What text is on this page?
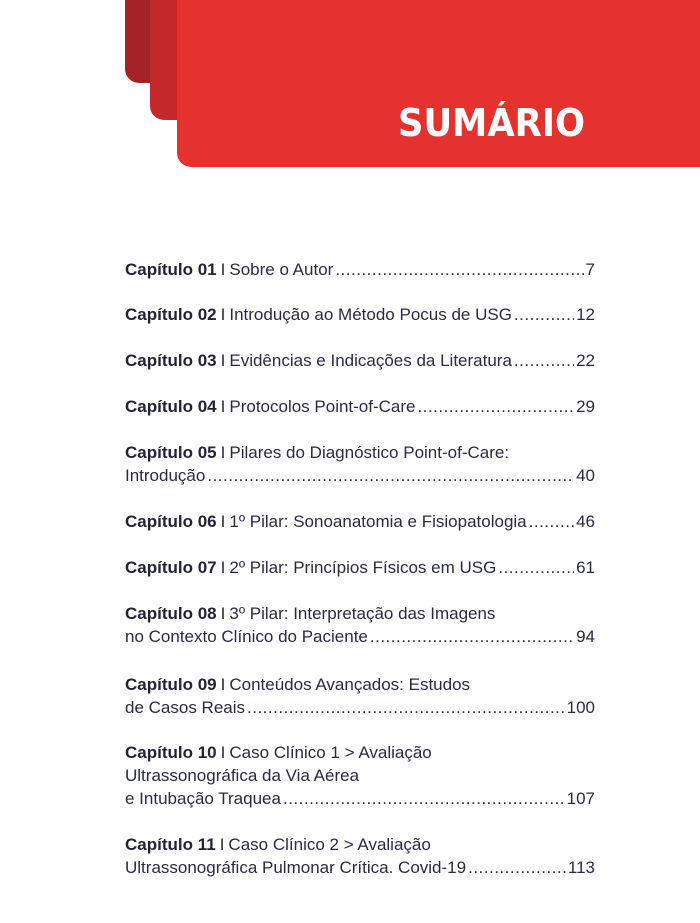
SUMÁRIO
Capítulo 01 I Sobre o Autor .....	7
Capítulo 02 I Introdução ao Método Pocus de USG .....	12
Capítulo 03 I Evidências e Indicações da Literatura .....	22
Capítulo 04 I Protocolos Point-of-Care .....	29
Capítulo 05 I Pilares do Diagnóstico Point-of-Care:
Introdução .....	40
Capítulo 06 I 1º Pilar: Sonoanatomia e Fisiopatologia .....	46
Capítulo 07 I 2º Pilar: Princípios Físicos em USG .....	61
Capítulo 08 I 3º Pilar: Interpretação das Imagens
no Contexto Clínico do Paciente .....	94
Capítulo 09 I Conteúdos Avançados: Estudos
de Casos Reais .....	100
Capítulo 10 I Caso Clínico 1 > Avaliação
Ultrassonográfica da Via Aérea
e Intubação Traquea .....	107
Capítulo 11 I Caso Clínico 2 > Avaliação
Ultrassonográfica Pulmonar Crítica. Covid-19 .....	113
